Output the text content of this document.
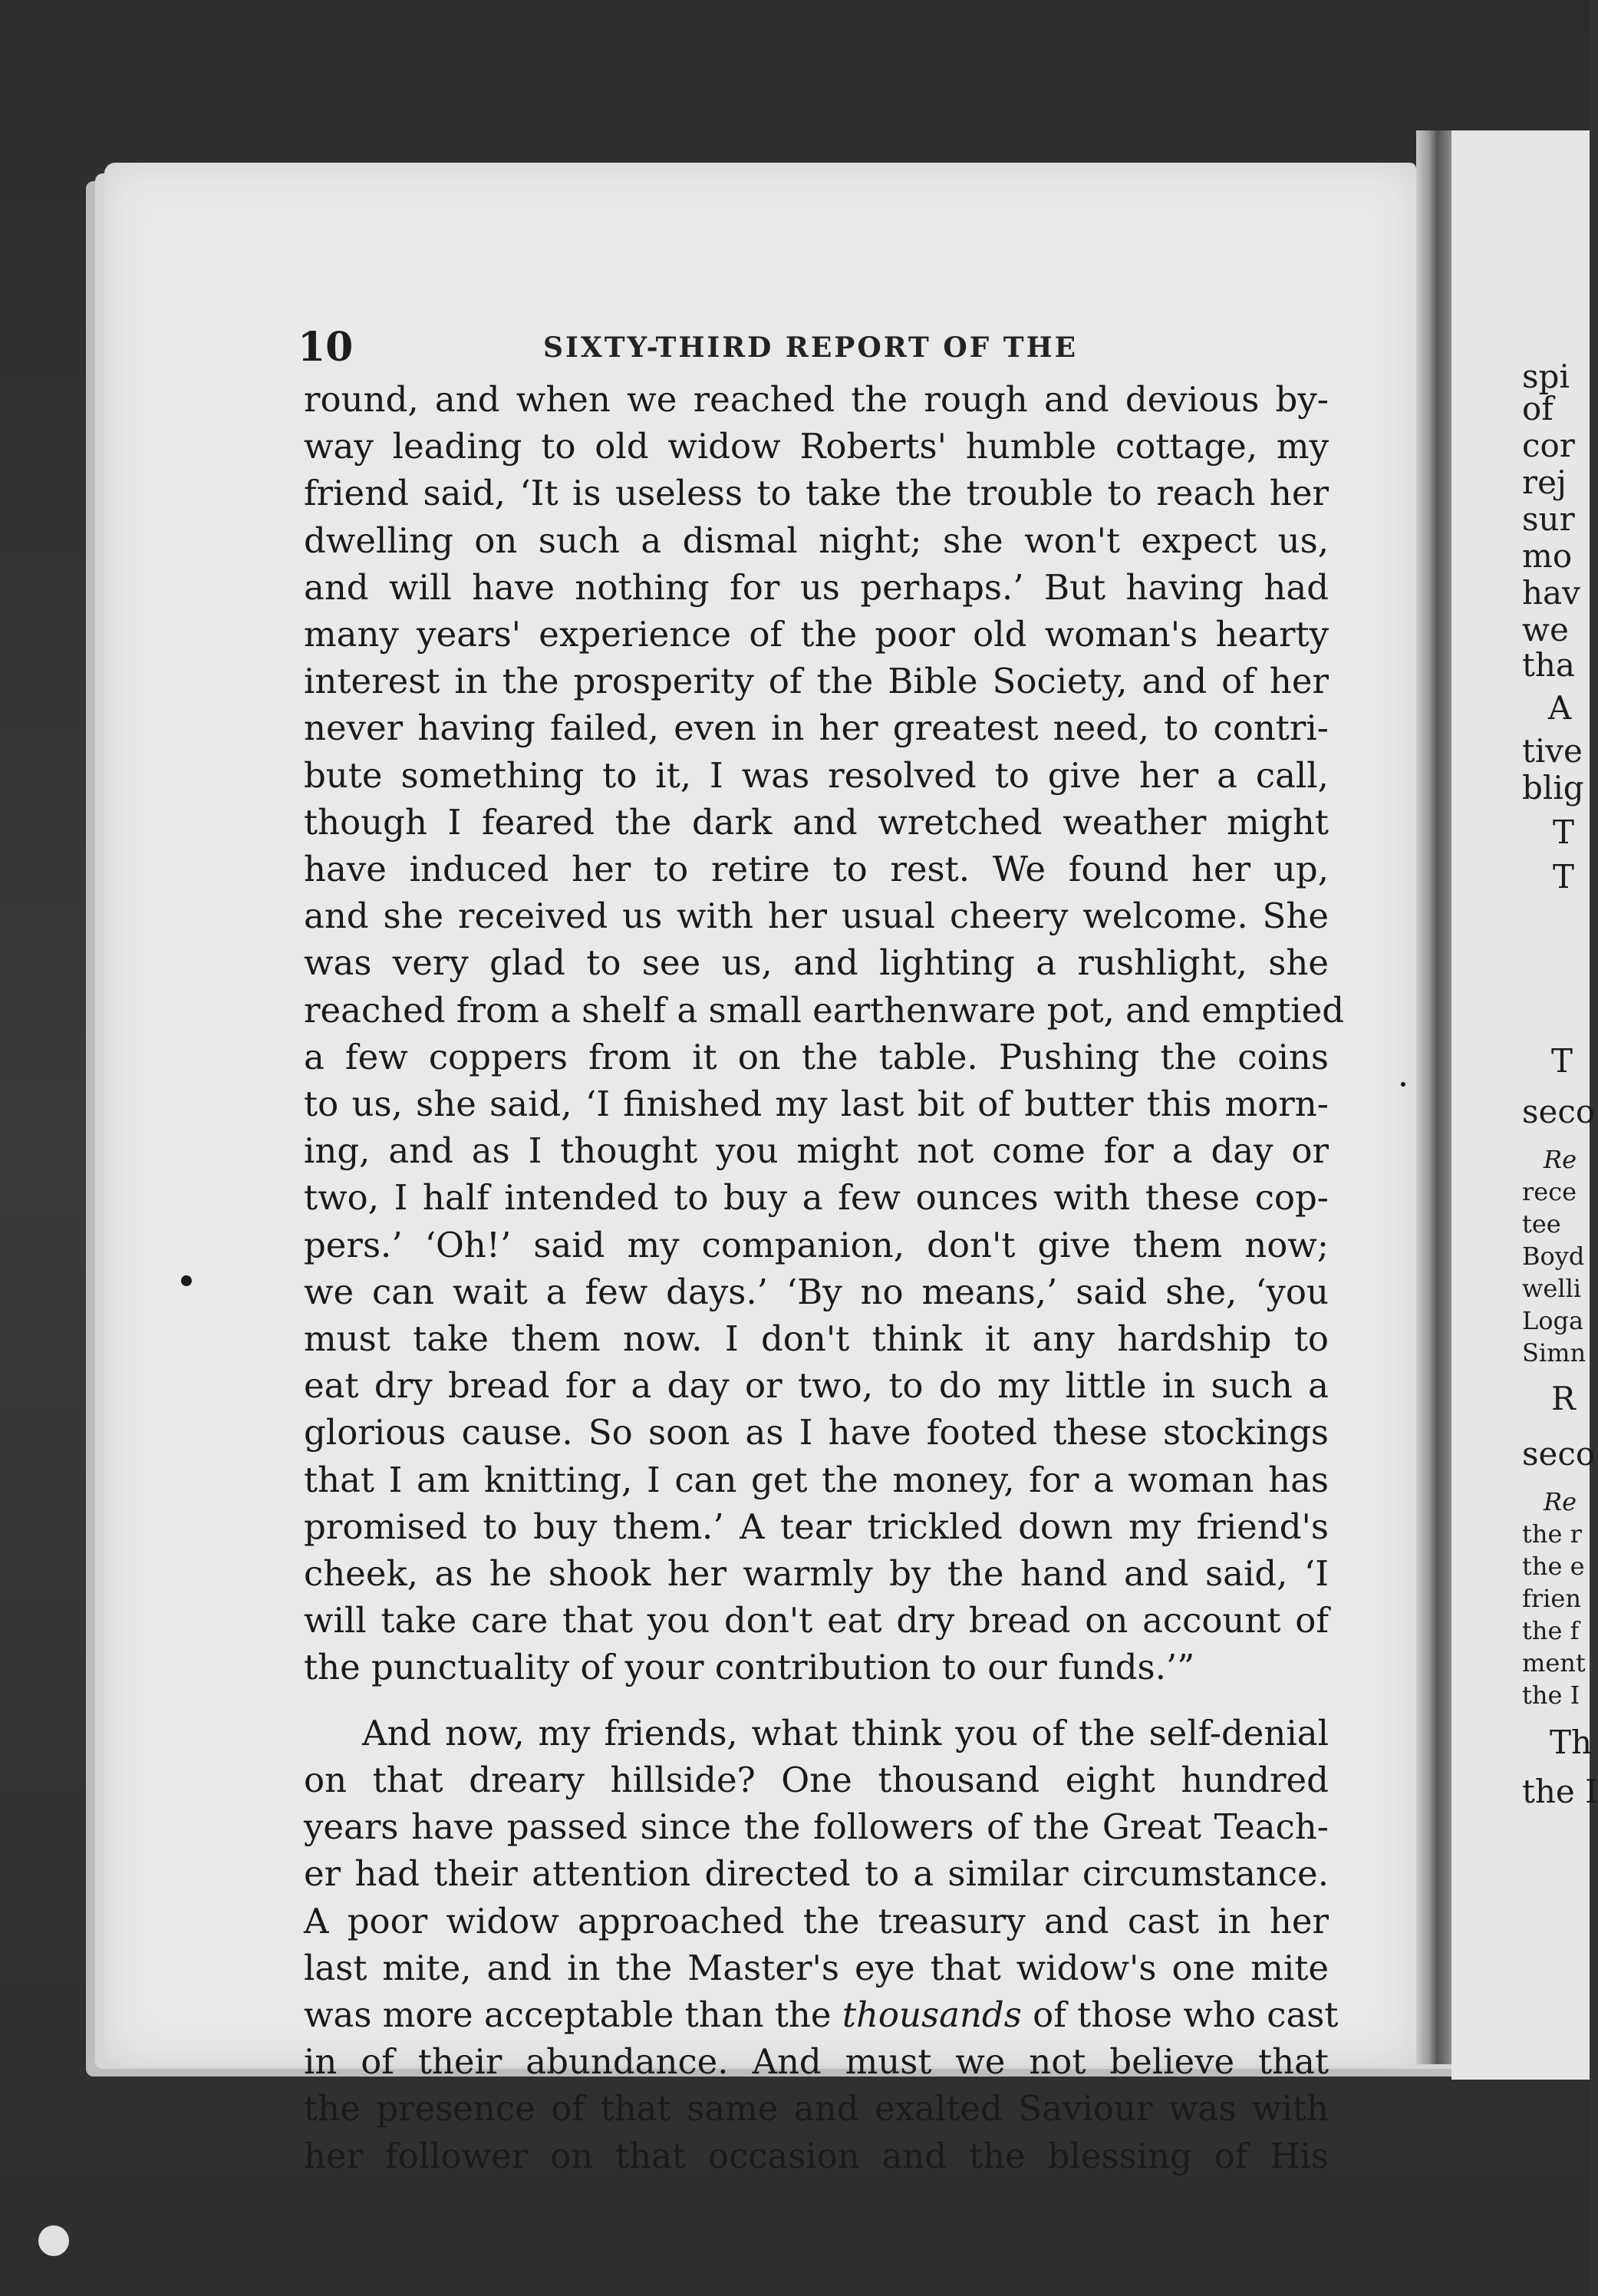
10	SIXTY-THIRD REPORT OF THE
round, and when we reached the rough and devious by-
way leading to old widow Roberts' humble cottage, my
friend said, ‘It is useless to take the trouble to reach her
dwelling on such a dismal night; she won't expect us,
and will have nothing for us perhaps.’ But having had
many years' experience of the poor old woman's hearty
interest in the prosperity of the Bible Society, and of her
never having failed, even in her greatest need, to contri-
bute something to it, I was resolved to give her a call,
though I feared the dark and wretched weather might
have induced her to retire to rest. We found her up,
and she received us with her usual cheery welcome. She
was very glad to see us, and lighting a rushlight, she
reached from a shelf a small earthenware pot, and emptied
a few coppers from it on the table. Pushing the coins
to us, she said, ‘I finished my last bit of butter this morn-
ing, and as I thought you might not come for a day or
two, I half intended to buy a few ounces with these cop-
pers.’ ‘Oh!’ said my companion, don't give them now;
we can wait a few days.’ ‘By no means,’ said she, ‘you
must take them now. I don't think it any hardship to
eat dry bread for a day or two, to do my little in such a
glorious cause. So soon as I have footed these stockings
that I am knitting, I can get the money, for a woman has
promised to buy them.’ A tear trickled down my friend's
cheek, as he shook her warmly by the hand and said, ‘I
will take care that you don't eat dry bread on account of
the punctuality of your contribution to our funds.’”
And now, my friends, what think you of the self-denial
on that dreary hillside? One thousand eight hundred
years have passed since the followers of the Great Teach-
er had their attention directed to a similar circumstance.
A poor widow approached the treasury and cast in her
last mite, and in the Master's eye that widow's one mite
was more acceptable than the thousands of those who cast
in of their abundance. And must we not believe that
the presence of that same and exalted Saviour was with
her follower on that occasion and the blessing of His
spi
of
cor
rej
sur
mo
hav
we
tha
A
tive
blig
T
T
T
seco
Re
rece
tee
Boyd
welli
Loga
Simn
R
seco
Re
the r
the e
frien
the f
ment
the I
Th
the I
